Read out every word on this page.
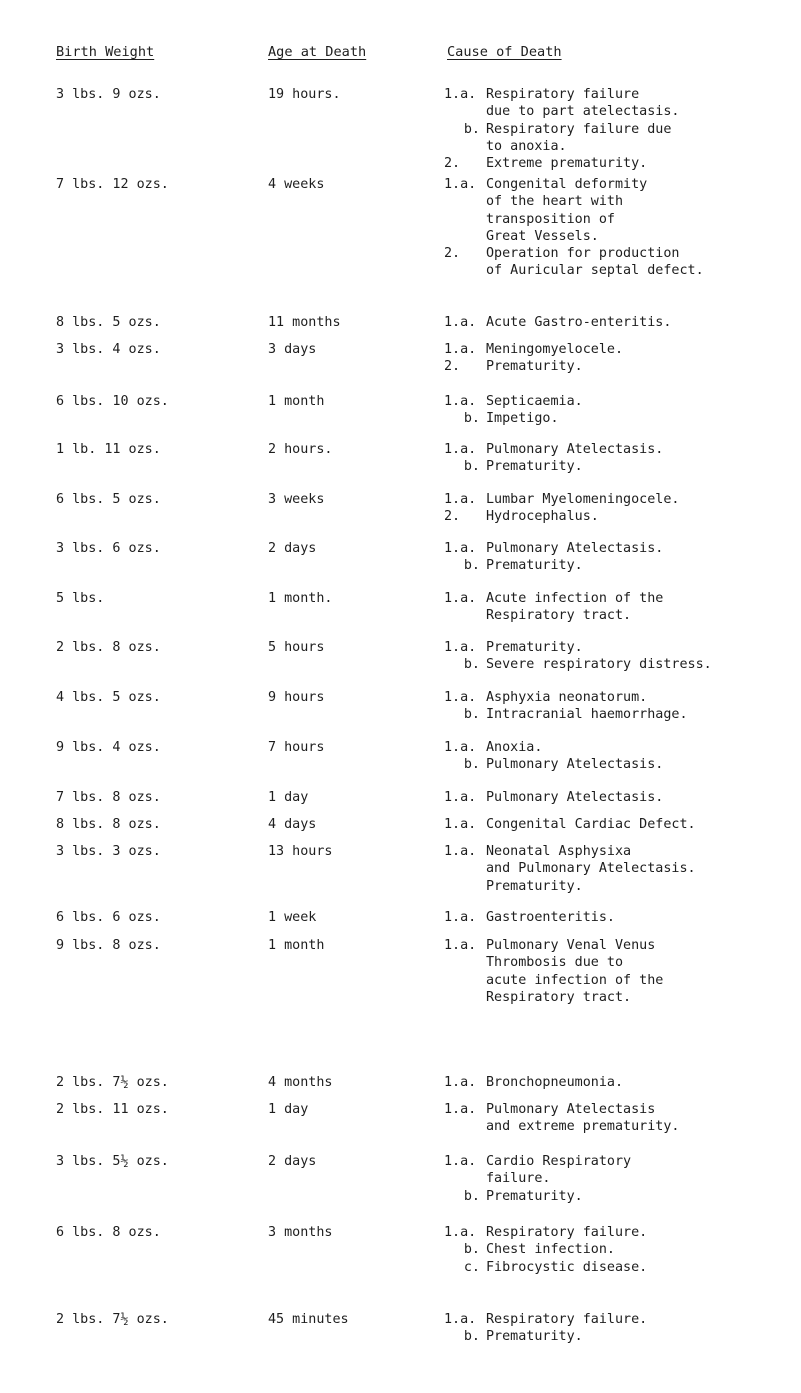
Birth Weight	Age at Death	Cause of Death
3 lbs. 9 ozs.	19 hours.	1.a. Respiratory failure
due to part atelectasis.
b. Respiratory failure due
to anoxia.
2.	Extreme prematurity.
7 lbs. 12 ozs.	4 weeks	1.a. Congenital deformity
of the heart with
transposition of
Great Vessels.
2.	Operation for production
of Auricular septal defect.
8 lbs. 5 ozs.	11 months	1.a. Acute Gastro-enteritis.
3 lbs. 4 ozs.	3 days	1.a. Meningomyelocele.
2.	Prematurity.
6 lbs. 10 ozs.	1 month	1.a. Septicaemia.
b. Impetigo.
1 lb. 11 ozs.	2 hours.	1.a. Pulmonary Atelectasis.
b. Prematurity.
6 lbs. 5 ozs.	3 weeks	1.a. Lumbar Myelomeningocele.
2.	Hydrocephalus.
3 lbs. 6 ozs.	2 days	1.a. Pulmonary Atelectasis.
b. Prematurity.
5 lbs.	1 month.	1.a. Acute infection of the
Respiratory tract.
2 lbs. 8 ozs.	5 hours	1.a. Prematurity.
b. Severe respiratory distress.
4 lbs. 5 ozs.	9 hours	1.a. Asphyxia neonatorum.
b. Intracranial haemorrhage.
9 lbs. 4 ozs.	7 hours	1.a. Anoxia.
b. Pulmonary Atelectasis.
7 lbs. 8 ozs.	1 day	1.a. Pulmonary Atelectasis.
8 lbs. 8 ozs.	4 days	1.a. Congenital Cardiac Defect.
3 lbs. 3 ozs.	13 hours	1.a. Neonatal Asphysixa
and Pulmonary Atelectasis.
Prematurity.
6 lbs. 6 ozs.	1 week	1.a. Gastroenteritis.
9 lbs. 8 ozs.	1 month	1.a. Pulmonary Venal Venus
Thrombosis due to
acute infection of the
Respiratory tract.
2 lbs. 7½ ozs.	4 months	1.a. Bronchopneumonia.
2 lbs. 11 ozs.	1 day	1.a. Pulmonary Atelectasis
and extreme prematurity.
3 lbs. 5½ ozs.	2 days	1.a. Cardio Respiratory
failure.
b. Prematurity.
6 lbs. 8 ozs.	3 months	1.a. Respiratory failure.
b. Chest infection.
c. Fibrocystic disease.
2 lbs. 7½ ozs.	45 minutes	1.a. Respiratory failure.
b. Prematurity.
